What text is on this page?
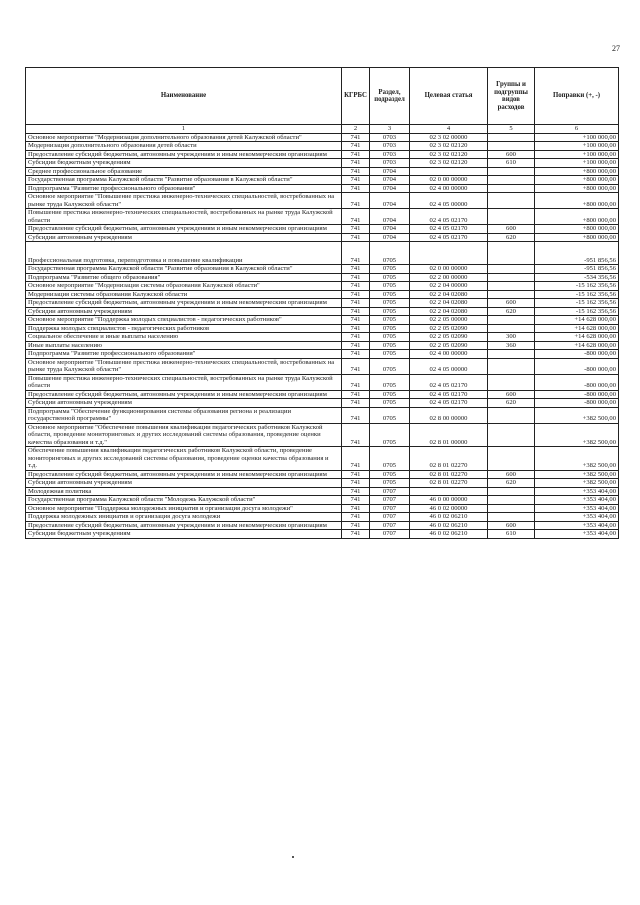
27
Наименование	КГРБС	Раздел, подраздел	Целевая статья	Группы и подгруппы видов расходов	Поправки (+, -)
1	2	3	4	5	6
Основное мероприятие "Модернизация дополнительного образования детей Калужской области"	741	0703	02 3 02 00000		+100 000,00
Модернизация дополнительного образования детей области	741	0703	02 3 02 02120		+100 000,00
Предоставление субсидий бюджетным, автономным учреждениям и иным некоммерческим организациям	741	0703	02 3 02 02120	600	+100 000,00
Субсидии бюджетным учреждениям	741	0703	02 3 02 02120	610	+100 000,00
Среднее профессиональное образование	741	0704			+800 000,00
Государственная программа Калужской области "Развитие образования в Калужской области"	741	0704	02 0 00 00000		+800 000,00
Подпрограмма "Развитие профессионального образования"	741	0704	02 4 00 00000		+800 000,00
Основное мероприятие "Повышение престижа инженерно-технических специальностей, востребованных на рынке труда Калужской области"	741	0704	02 4 05 00000		+800 000,00
Повышение престижа инженерно-технических специальностей, востребованных на рынке труда Калужской области	741	0704	02 4 05 02170		+800 000,00
Предоставление субсидий бюджетным, автономным учреждениям и иным некоммерческим организациям	741	0704	02 4 05 02170	600	+800 000,00
Субсидии автономным учреждениям	741	0704	02 4 05 02170	620	+800 000,00
Профессиональная подготовка, переподготовка и повышение квалификации	741	0705			-951 856,56
Государственная программа Калужской области "Развитие образования в Калужской области"	741	0705	02 0 00 00000		-951 856,56
Подпрограмма "Развитие общего образования"	741	0705	02 2 00 00000		-534 356,56
Основное мероприятие "Модернизация системы образования Калужской области"	741	0705	02 2 04 00000		-15 162 356,56
Модернизация системы образования Калужской области	741	0705	02 2 04 02080		-15 162 356,56
Предоставление субсидий бюджетным, автономным учреждениям и иным некоммерческим организациям	741	0705	02 2 04 02080	600	-15 162 356,56
Субсидии автономным учреждениям	741	0705	02 2 04 02080	620	-15 162 356,56
Основное мероприятие "Поддержка молодых специалистов - педагогических работников"	741	0705	02 2 05 00000		+14 628 000,00
Поддержка молодых специалистов - педагогических работников	741	0705	02 2 05 02090		+14 628 000,00
Социальное обеспечение и иные выплаты населению	741	0705	02 2 05 02090	300	+14 628 000,00
Иные выплаты населению	741	0705	02 2 05 02090	360	+14 628 000,00
Подпрограмма "Развитие профессионального образования"	741	0705	02 4 00 00000		-800 000,00
Основное мероприятие "Повышение престижа инженерно-технических специальностей, востребованных на рынке труда Калужской области"	741	0705	02 4 05 00000		-800 000,00
Повышение престижа инженерно-технических специальностей, востребованных на рынке труда Калужской области	741	0705	02 4 05 02170		-800 000,00
Предоставление субсидий бюджетным, автономным учреждениям и иным некоммерческим организациям	741	0705	02 4 05 02170	600	-800 000,00
Субсидии автономным учреждениям	741	0705	02 4 05 02170	620	-800 000,00
Подпрограмма "Обеспечение функционирования системы образования региона и реализации государственной программы"	741	0705	02 8 00 00000		+382 500,00
Основное мероприятие "Обеспечение повышения квалификации педагогических работников Калужской области, проведение мониторинговых и других исследований системы образования, проведение оценки качества образования и т.д."	741	0705	02 8 01 00000		+382 500,00
Обеспечение повышения квалификации педагогических работников Калужской области, проведение мониторинговых и других исследований системы образования, проведение оценки качества образования и т.д.	741	0705	02 8 01 02270		+382 500,00
Предоставление субсидий бюджетным, автономным учреждениям и иным некоммерческим организациям	741	0705	02 8 01 02270	600	+382 500,00
Субсидии автономным учреждениям	741	0705	02 8 01 02270	620	+382 500,00
Молодежная политика	741	0707			+353 404,00
Государственная программа Калужской области "Молодежь Калужской области"	741	0707	46 0 00 00000		+353 404,00
Основное мероприятие "Поддержка молодежных инициатив и организация досуга молодежи"	741	0707	46 0 02 00000		+353 404,00
Поддержка молодежных инициатив и организация досуга молодежи	741	0707	46 0 02 06210		+353 404,00
Предоставление субсидий бюджетным, автономным учреждениям и иным некоммерческим организациям	741	0707	46 0 02 06210	600	+353 404,00
Субсидии бюджетным учреждениям	741	0707	46 0 02 06210	610	+353 404,00
